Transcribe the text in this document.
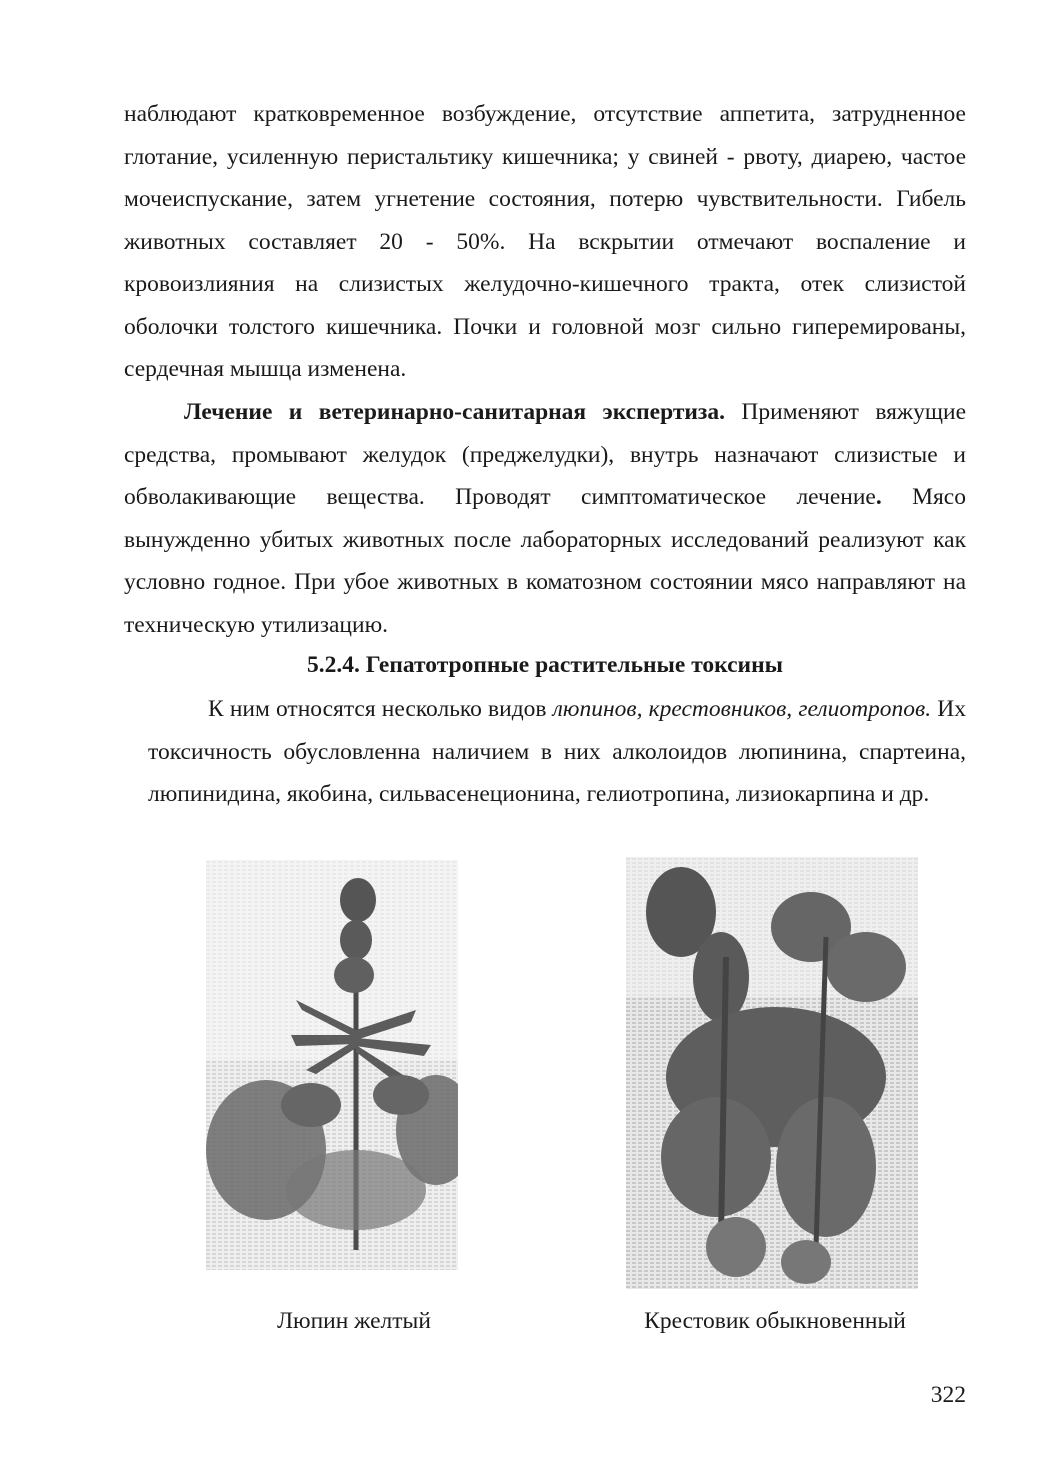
наблюдают кратковременное возбуждение, отсутствие аппетита, затрудненное глотание, усиленную перистальтику кишечника; у свиней - рвоту, диарею, частое мочеиспускание, затем угнетение состояния, потерю чувствительности. Гибель животных составляет 20 - 50%. На вскрытии отмечают воспаление и кровоизлияния на слизистых желудочно-кишечного тракта, отек слизистой оболочки толстого кишечника. Почки и головной мозг сильно гиперемированы, сердечная мышца изменена.

Лечение и ветеринарно-санитарная экспертиза. Применяют вяжущие средства, промывают желудок (преджелудки), внутрь назначают слизистые и обволакивающие вещества. Проводят симптоматическое лечение. Мясо вынужденно убитых животных после лабораторных исследований реализуют как условно годное. При убое животных в коматозном состоянии мясо направляют на техническую утилизацию.

5.2.4. Гепатотропные растительные токсины

К ним относятся несколько видов люпинов, крестовников, гелиотропов. Их токсичность обусловленна наличием в них алколоидов люпинина, спартеина, люпинидина, якобина, сильвасенеционина, гелиотропина, лизиокарпина и др.

Люпин желтый	Крестовик обыкновенный

322
